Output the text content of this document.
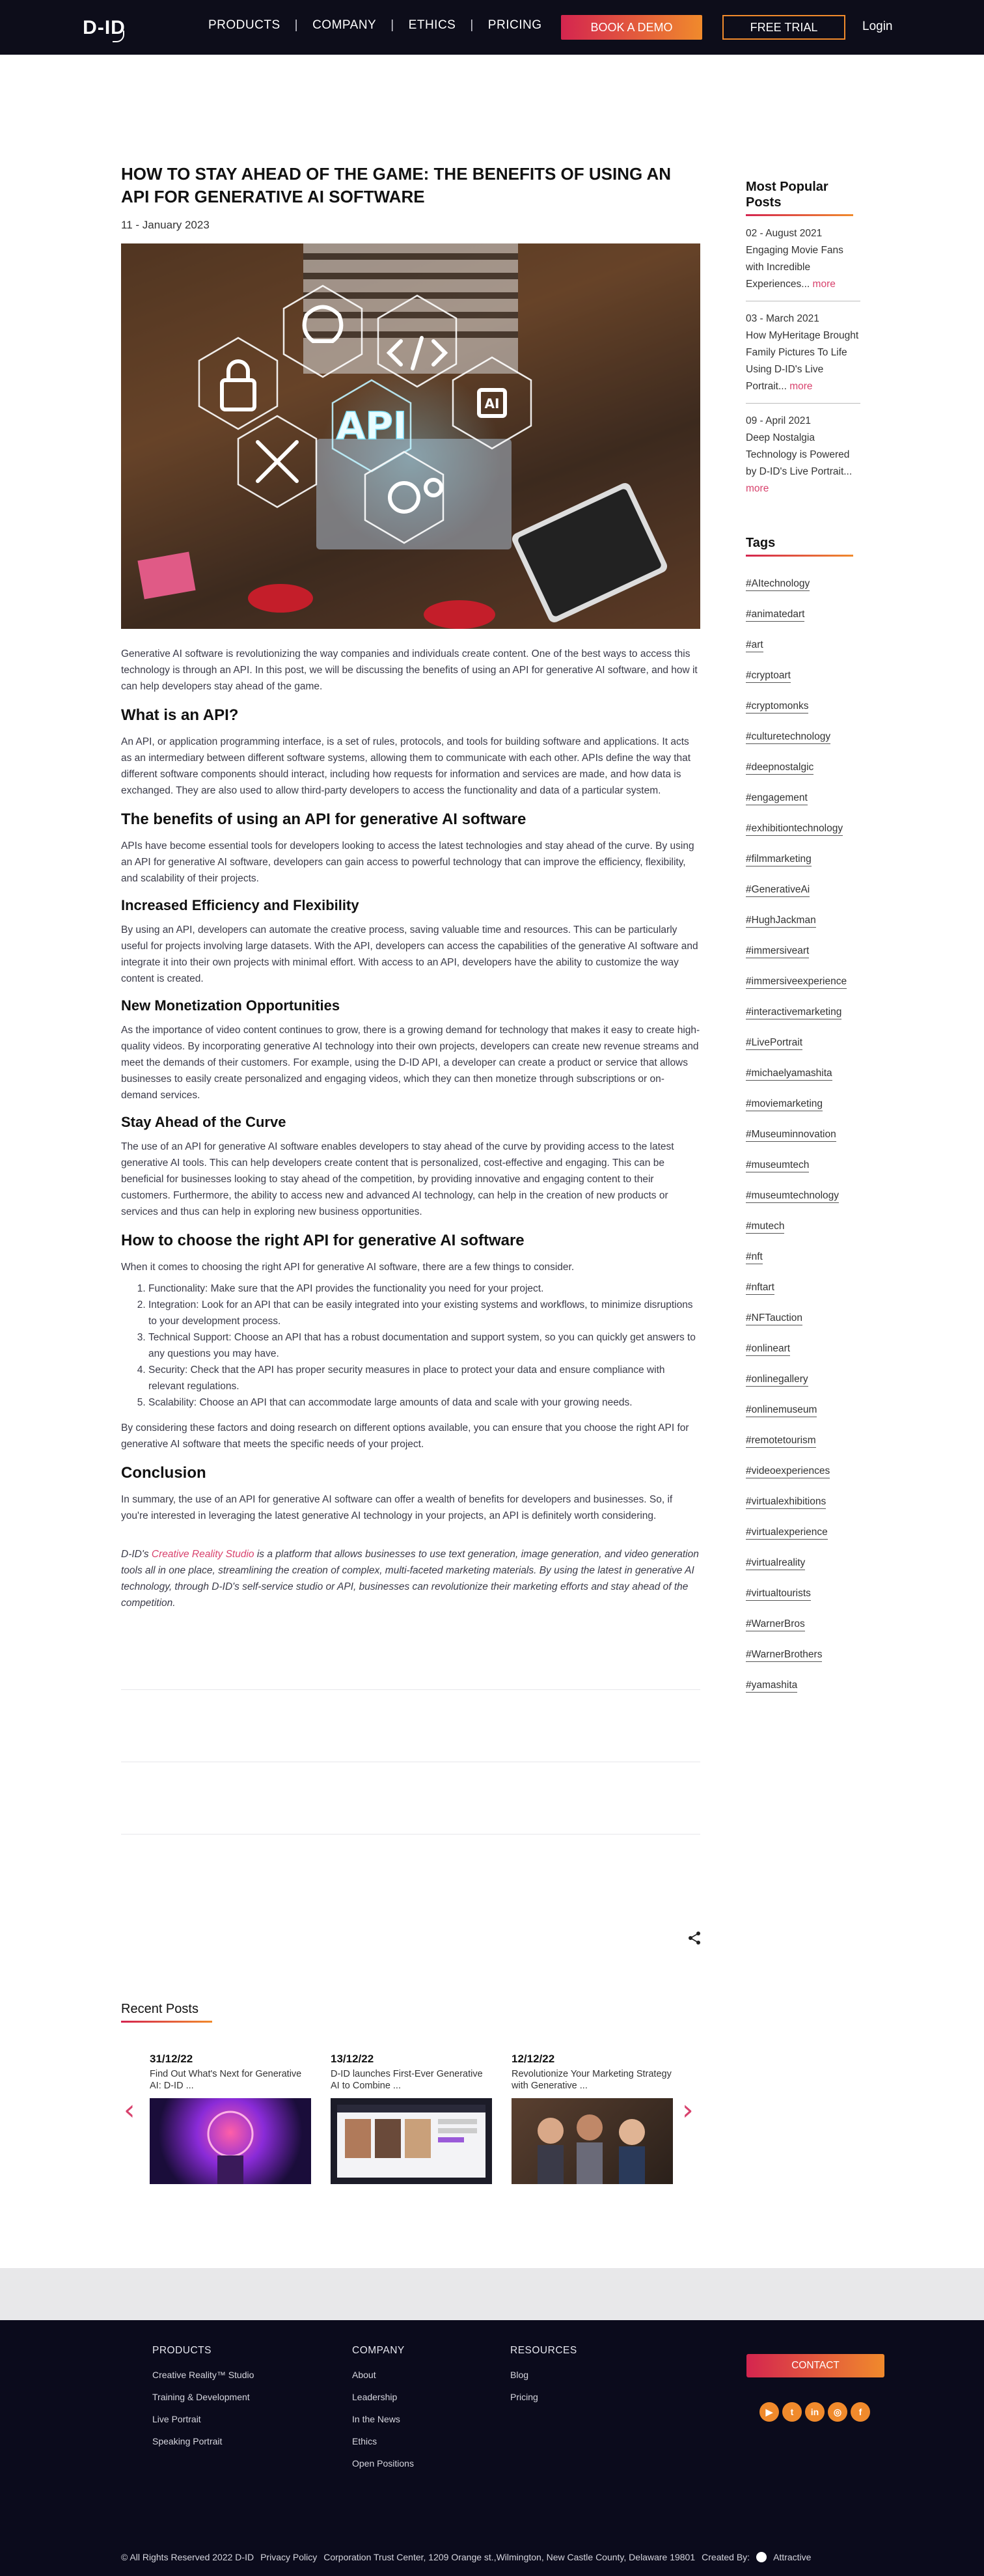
D-ID	PRODUCTS | COMPANY | ETHICS | PRICING	BOOK A DEMO	FREE TRIAL	Login
HOW TO STAY AHEAD OF THE GAME: THE BENEFITS OF USING AN API FOR GENERATIVE AI SOFTWARE
11 - January 2023
API	AI

Generative AI software is revolutionizing the way companies and individuals create content. One of the best ways to access this technology is through an API. In this post, we will be discussing the benefits of using an API for generative AI software, and how it can help developers stay ahead of the game.

What is an API?

An API, or application programming interface, is a set of rules, protocols, and tools for building software and applications. It acts as an intermediary between different software systems, allowing them to communicate with each other. APIs define the way that different software components should interact, including how requests for information and services are made, and how data is exchanged. They are also used to allow third-party developers to access the functionality and data of a particular system.

The benefits of using an API for generative AI software

APIs have become essential tools for developers looking to access the latest technologies and stay ahead of the curve. By using an API for generative AI software, developers can gain access to powerful technology that can improve the efficiency, flexibility, and scalability of their projects.

Increased Efficiency and Flexibility

By using an API, developers can automate the creative process, saving valuable time and resources. This can be particularly useful for projects involving large datasets. With the API, developers can access the capabilities of the generative AI software and integrate it into their own projects with minimal effort. With access to an API, developers have the ability to customize the way content is created.

New Monetization Opportunities

As the importance of video content continues to grow, there is a growing demand for technology that makes it easy to create high-quality videos. By incorporating generative AI technology into their own projects, developers can create new revenue streams and meet the demands of their customers. For example, using the D-ID API, a developer can create a product or service that allows businesses to easily create personalized and engaging videos, which they can then monetize through subscriptions or on-demand services.

Stay Ahead of the Curve

The use of an API for generative AI software enables developers to stay ahead of the curve by providing access to the latest generative AI tools. This can help developers create content that is personalized, cost-effective and engaging. This can be beneficial for businesses looking to stay ahead of the competition, by providing innovative and engaging content to their customers. Furthermore, the ability to access new and advanced AI technology, can help in the creation of new products or services and thus can help in exploring new business opportunities.

How to choose the right API for generative AI software

When it comes to choosing the right API for generative AI software, there are a few things to consider.

1. Functionality: Make sure that the API provides the functionality you need for your project.
2. Integration: Look for an API that can be easily integrated into your existing systems and workflows, to minimize disruptions to your development process.
3. Technical Support: Choose an API that has a robust documentation and support system, so you can quickly get answers to any questions you may have.
4. Security: Check that the API has proper security measures in place to protect your data and ensure compliance with relevant regulations.
5. Scalability: Choose an API that can accommodate large amounts of data and scale with your growing needs.

By considering these factors and doing research on different options available, you can ensure that you choose the right API for generative AI software that meets the specific needs of your project.

Conclusion

In summary, the use of an API for generative AI software can offer a wealth of benefits for developers and businesses. So, if you're interested in leveraging the latest generative AI technology in your projects, an API is definitely worth considering.

D-ID's Creative Reality Studio is a platform that allows businesses to use text generation, image generation, and video generation tools all in one place, streamlining the creation of complex, multi-faceted marketing materials. By using the latest in generative AI technology, through D-ID's self-service studio or API, businesses can revolutionize their marketing efforts and stay ahead of the competition.

Most Popular Posts
02 - August 2021
Engaging Movie Fans with Incredible Experiences... more
03 - March 2021
How MyHeritage Brought Family Pictures To Life Using D-ID's Live Portrait... more
09 - April 2021
Deep Nostalgia Technology is Powered by D-ID's Live Portrait... more
Tags
#AItechnology
#animatedart
#art
#cryptoart
#cryptomonks
#culturetechnology
#deepnostalgic
#engagement
#exhibitiontechnology
#filmmarketing
#GenerativeAi
#HughJackman
#immersiveart
#immersiveexperience
#interactivemarketing
#LivePortrait
#michaelyamashita
#moviemarketing
#Museuminnovation
#museumtech
#museumtechnology
#mutech
#nft
#nftart
#NFTauction
#onlineart
#onlinegallery
#onlinemuseum
#remotetourism
#videoexperiences
#virtualexhibitions
#virtualexperience
#virtualreality
#virtualtourists
#WarnerBros
#WarnerBrothers
#yamashita
Recent Posts
31/12/22
Find Out What's Next for Generative AI: D-ID ...
13/12/22
D-ID launches First-Ever Generative AI to Combine ...
12/12/22
Revolutionize Your Marketing Strategy with Generative ...
‹	›
PRODUCTS
Creative Reality™ Studio
Training & Development
Live Portrait
Speaking Portrait
COMPANY
About
Leadership
In the News
Ethics
Open Positions
RESOURCES
Blog
Pricing
CONTACT
▶	t	in	◎	f
© All Rights Reserved 2022 D-ID Privacy Policy Corporation Trust Center, 1209 Orange st.,Wilmington, New Castle County, Delaware 19801 Created By:	Attractive
